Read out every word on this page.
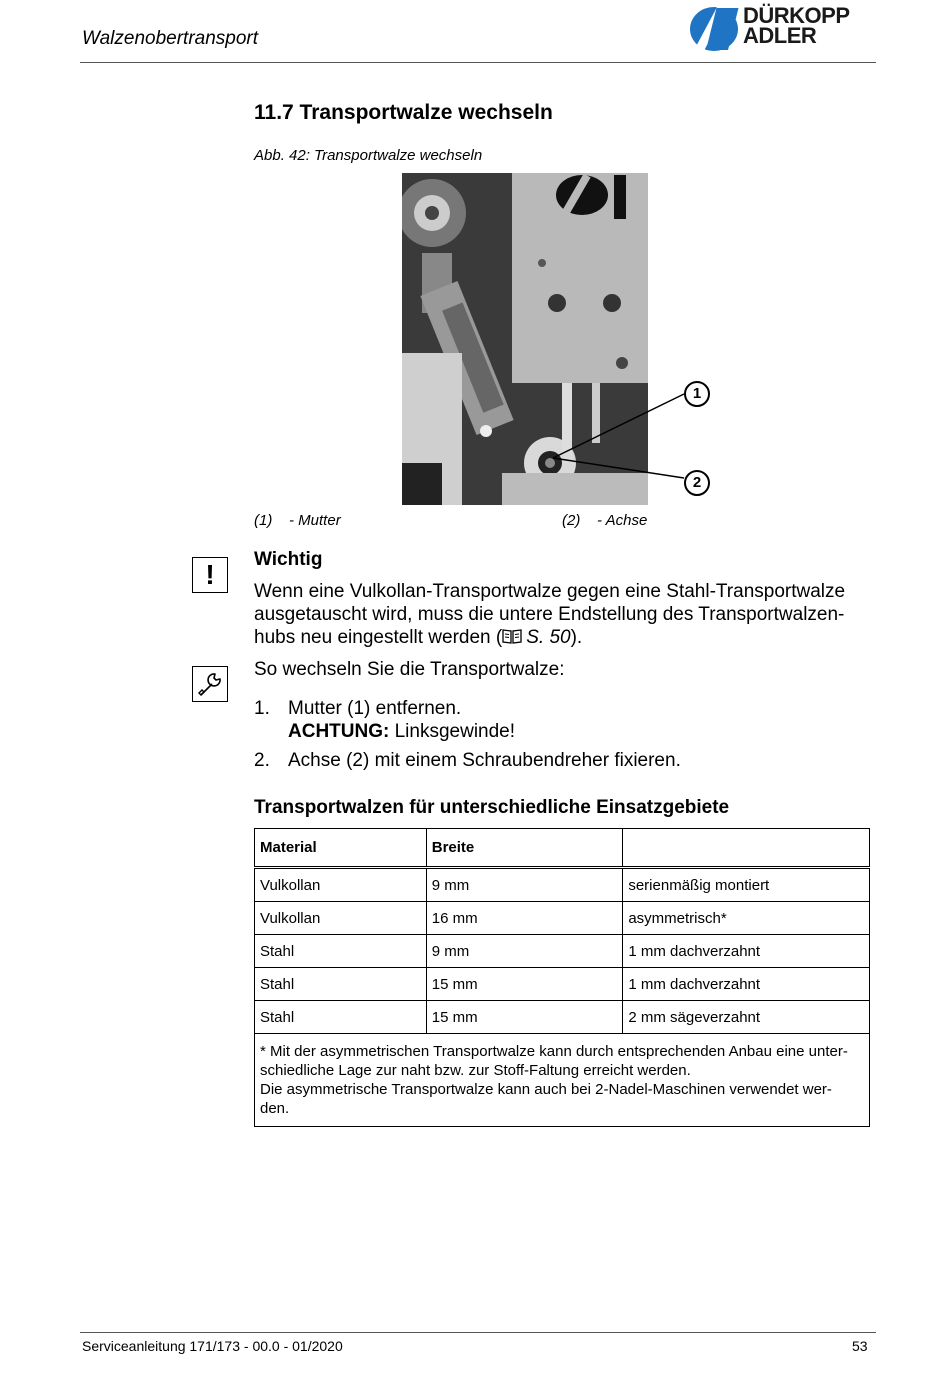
Walzenobertransport
DÜRKOPP
ADLER
11.7 Transportwalze wechseln
Abb. 42: Transportwalze wechseln
1
2
(1) - Mutter	(2) - Achse
! Wichtig
Wenn eine Vulkollan-Transportwalze gegen eine Stahl-Transportwalze
ausgetauscht wird, muss die untere Endstellung des Transportwalzen-
hubs neu eingestellt werden ( S. 50).
So wechseln Sie die Transportwalze:
1. Mutter (1) entfernen.
ACHTUNG: Linksgewinde!
2. Achse (2) mit einem Schraubendreher fixieren.
Transportwalzen für unterschiedliche Einsatzgebiete
Material	Breite	
Vulkollan	9 mm	serienmäßig montiert
Vulkollan	16 mm	asymmetrisch*
Stahl	9 mm	1 mm dachverzahnt
Stahl	15 mm	1 mm dachverzahnt
Stahl	15 mm	2 mm sägeverzahnt

* Mit der asymmetrischen Transportwalze kann durch entsprechenden Anbau eine unter-
schiedliche Lage zur naht bzw. zur Stoff-Faltung erreicht werden.
Die asymmetrische Transportwalze kann auch bei 2-Nadel-Maschinen verwendet wer-
den.		
Serviceanleitung 171/173 - 00.0 - 01/2020	53
